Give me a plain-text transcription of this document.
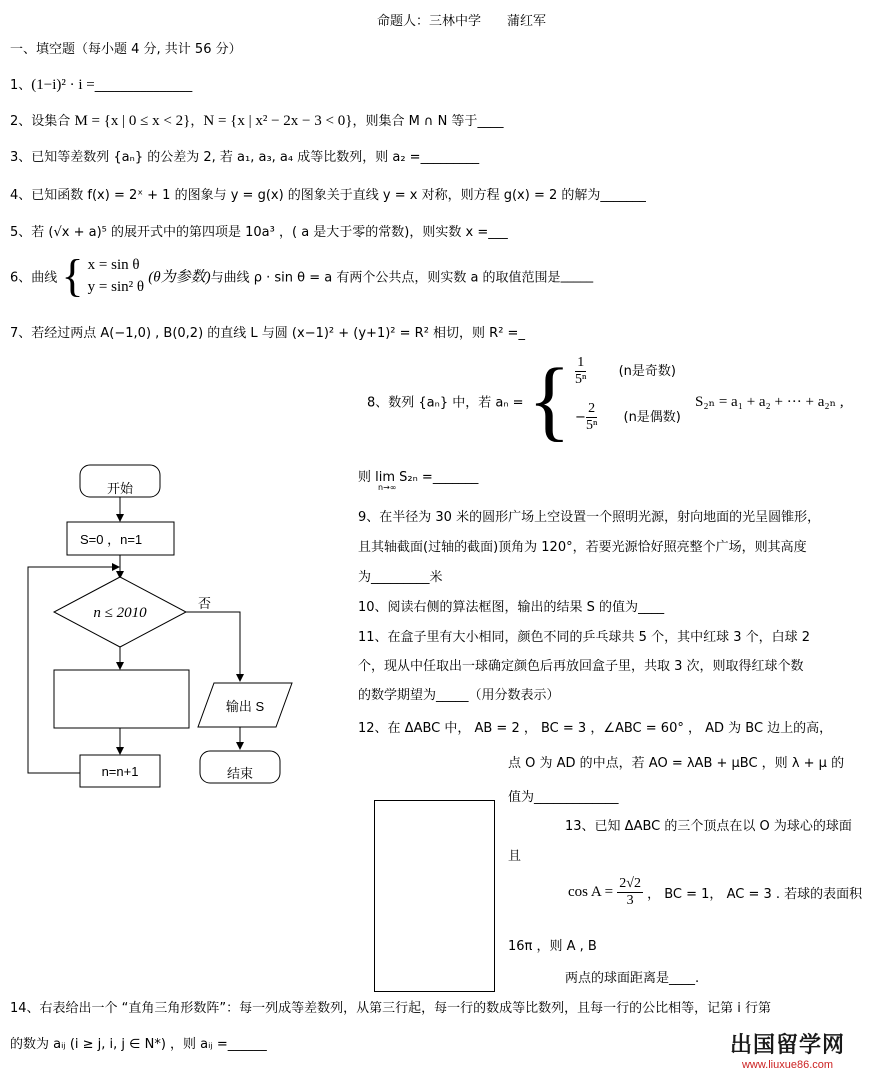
命题人：三林中学　　蒲红军
一、填空题（每小题 4 分, 共计 56 分）
1、(1−i)² · i =_______________
2、设集合 M = {x | 0 ≤ x < 2}，N = {x | x² − 2x − 3 < 0}，则集合 M ∩ N 等于____
3、已知等差数列 {aₙ} 的公差为 2, 若 a₁, a₃, a₄ 成等比数列，则 a₂ =_________
4、已知函数 f(x) = 2ˣ + 1 的图象与 y = g(x) 的图象关于直线 y = x 对称，则方程 g(x) = 2 的解为_______
5、若 (√x + a)⁵ 的展开式中的第四项是 10a³ ，( a 是大于零的常数)，则实数 x =___
6、曲线 { x = sin θ
y = sin² θ
(θ为参数)与曲线 ρ · sin θ = a 有两个公共点，则实数 a 的取值范围是_____
7、若经过两点 A(−1,0) , B(0,2) 的直线 L 与圆 (x−1)² + (y+1)² = R² 相切，则 R² =_
8、数列 {aₙ} 中，若 aₙ = { $\frac{1}{\text{5ⁿ}} (n$是奇数)
− $\frac{2}{\text{5ⁿ}} (n$是偶数)
S₂ₙ = a₁ + a₂ + ··· + a₂ₙ ,
则 lim S₂ₙ =_______
n→∞
9、在半径为 30 米的圆形广场上空设置一个照明光源，射向地面的光呈圆锥形，
且其轴截面(过轴的截面)顶角为 120°，若要光源恰好照亮整个广场，则其高度
为_________米
10、阅读右侧的算法框图，输出的结果 S 的值为____
11、在盒子里有大小相同，颜色不同的乒乓球共 5 个，其中红球 3 个，白球 2
个，现从中任取出一球确定颜色后再放回盒子里，共取 3 次，则取得红球个数
的数学期望为_____（用分数表示）
12、在 ΔABC 中， AB = 2 ， BC = 3 ，∠ABC = 60° ， AD 为 BC 边上的高，
点 O 为 AD 的中点，若 AO = λAB + μBC ，则 λ + μ 的
值为_____________
13、已知 ΔABC 的三个顶点在以 O 为球心的球面
且
$\cos A = \frac{2√2}{3}$ ， BC = 1， AC = 3 . 若球的表面积
16π ，则 A , B
两点的球面距离是____.
14、右表给出一个 “直角三角形数阵”：每一列成等差数列，从第三行起，每一行的数成等比数列，且每一行的公比相等，记第 i 行第
的数为 aᵢⱼ (i ≥ j, i, j ∈ N*) ，则 aᵢⱼ =______
开始
S=0 ，n=1
n ≤ 2010
否
n=n+1
输出 S
结束
出国留学网
www.liuxue86.com
